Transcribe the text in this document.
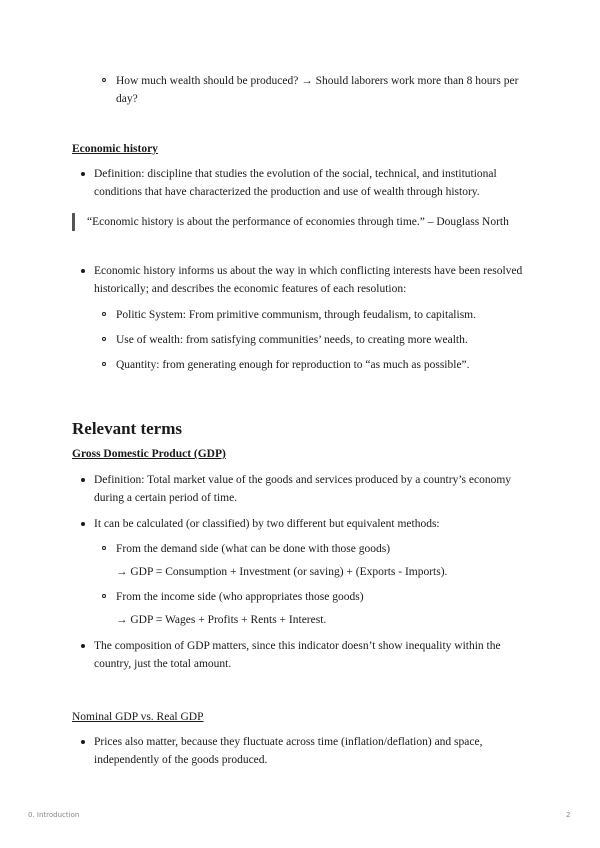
How much wealth should be produced? → Should laborers work more than 8 hours per day?
Economic history
Definition: discipline that studies the evolution of the social, technical, and institutional conditions that have characterized the production and use of wealth through history.
“Economic history is about the performance of economies through time.” – Douglass North
Economic history informs us about the way in which conflicting interests have been resolved historically; and describes the economic features of each resolution:
Politic System: From primitive communism, through feudalism, to capitalism.
Use of wealth: from satisfying communities’ needs, to creating more wealth.
Quantity: from generating enough for reproduction to “as much as possible”.
Relevant terms
Gross Domestic Product (GDP)
Definition: Total market value of the goods and services produced by a country’s economy during a certain period of time.
It can be calculated (or classified) by two different but equivalent methods:
From the demand side (what can be done with those goods)
→ GDP = Consumption + Investment (or saving) + (Exports - Imports).
From the income side (who appropriates those goods)
→ GDP = Wages + Profits + Rents + Interest.
The composition of GDP matters, since this indicator doesn’t show inequality within the country, just the total amount.
Nominal GDP vs. Real GDP
Prices also matter, because they fluctuate across time (inflation/deflation) and space, independently of the goods produced.
0. Introduction	2
